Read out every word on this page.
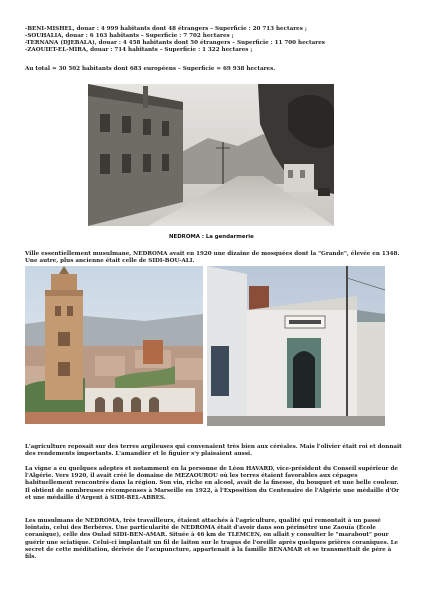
-BENI-MISHEL, douar : 4 999 habitants dont 48 étrangers – Superficie : 20 713 hectares ;
-SOUHALIA, douar : 6 163 habitants – Superficie : 7 702 hectares ;
-TERNANA (DJEBALA), douar : 4 458 habitants dont 50 étrangers – Superficie : 11 700 hectares
-ZAOUIET-EL-MIRA, douar : 714 habitants – Superficie : 1 322 hectares ;
Au total = 30 502 habitants dont 683 européens – Superficie = 69 938 hectares.
NEDROMA : La gendarmerie
Ville essentiellement musulmane, NEDROMA avait en 1920 une dizaine de mosquées dont la "Grande", élevée en 1348. Une autre, plus ancienne était celle de SIDI-BOU-ALI.
L'agriculture reposait sur des terres argileuses qui convenaient très bien aux céréales. Mais l'olivier était roi et donnait des rendements importants. L'amandier et le figuier s'y plaisaient aussi.
La vigne a eu quelques adeptes et notamment en la personne de Léon HAVARD, vice-président du Conseil supérieur de l'Algérie. Vers 1920, il avait créé le domaine de MEZAOUROU où les terres étaient favorables aux cépages habituellement rencontrés dans la région. Son vin, riche en alcool, avait de la finesse, du bouquet et une belle couleur. Il obtient de nombreuses récompenses à Marseille en 1922, à l'Exposition du Centenaire de l'Algérie une médaille d'Or et une médaille d'Argent à SIDI-BEL-ABBES.
Les musulmans de NEDROMA, très travailleurs, étaient attachés à l'agriculture, qualité qui remontait à un passé lointain, celui des Berbères. Une particularité de NEDROMA était d'avoir dans son périmètre une Zaouïa (École coranique), celle des Oulad SIDI-BEN-AMAR. Située à 46 km de TLEMCEN, on allait y consulter le "marabout" pour guérir une sciatique. Celui-ci implantait un fil de laiton sur le tragus de l'oreille après quelques prières coraniques. Le secret de cette méditation, dérivée de l'acupuncture, appartenait à la famille BENAMAR et se transmettait de père à fils.
